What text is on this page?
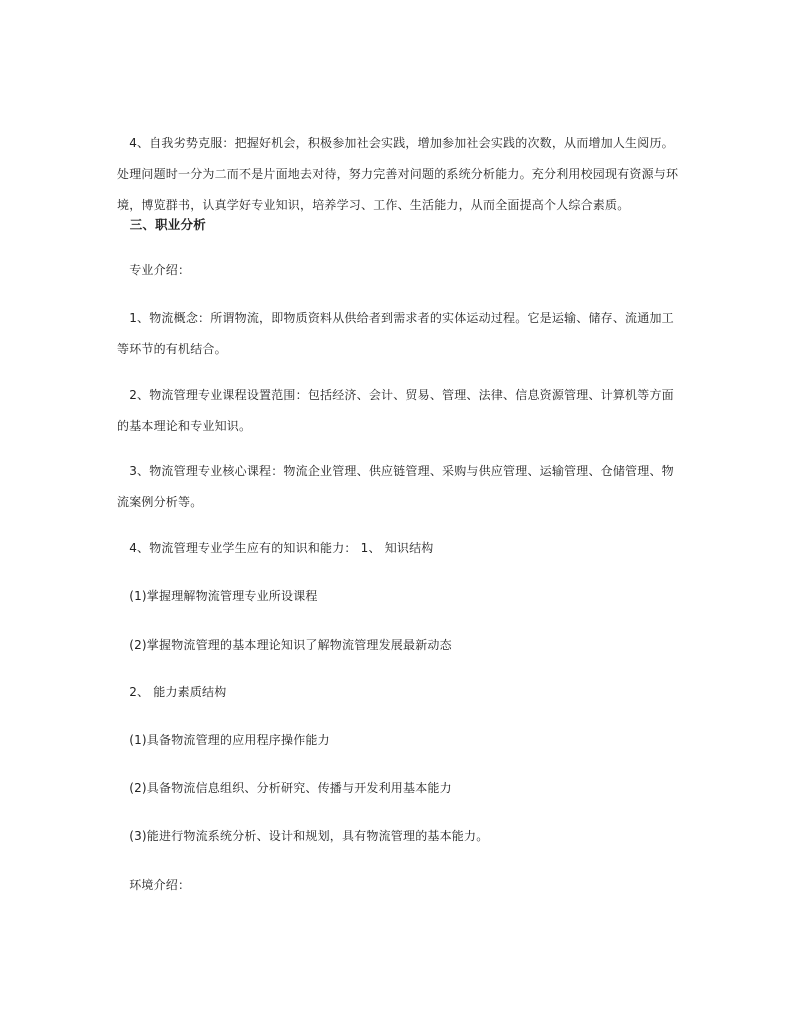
　4、自我劣势克服：把握好机会，积极参加社会实践，增加参加社会实践的次数，从而增加人生阅历。处理问题时一分为二而不是片面地去对待，努力完善对问题的系统分析能力。充分利用校园现有资源与环境，博览群书，认真学好专业知识，培养学习、工作、生活能力，从而全面提高个人综合素质。

　三、职业分析

　专业介绍：

　1、物流概念：所谓物流，即物质资料从供给者到需求者的实体运动过程。它是运输、储存、流通加工等环节的有机结合。

　2、物流管理专业课程设置范围：包括经济、会计、贸易、管理、法律、信息资源管理、计算机等方面的基本理论和专业知识。

　3、物流管理专业核心课程：物流企业管理、供应链管理、采购与供应管理、运输管理、仓储管理、物流案例分析等。

　4、物流管理专业学生应有的知识和能力： 1、 知识结构

　(1)掌握理解物流管理专业所设课程

　(2)掌握物流管理的基本理论知识了解物流管理发展最新动态

　2、 能力素质结构

　(1)具备物流管理的应用程序操作能力

　(2)具备物流信息组织、分析研究、传播与开发利用基本能力

　(3)能进行物流系统分析、设计和规划，具有物流管理的基本能力。

　环境介绍：
